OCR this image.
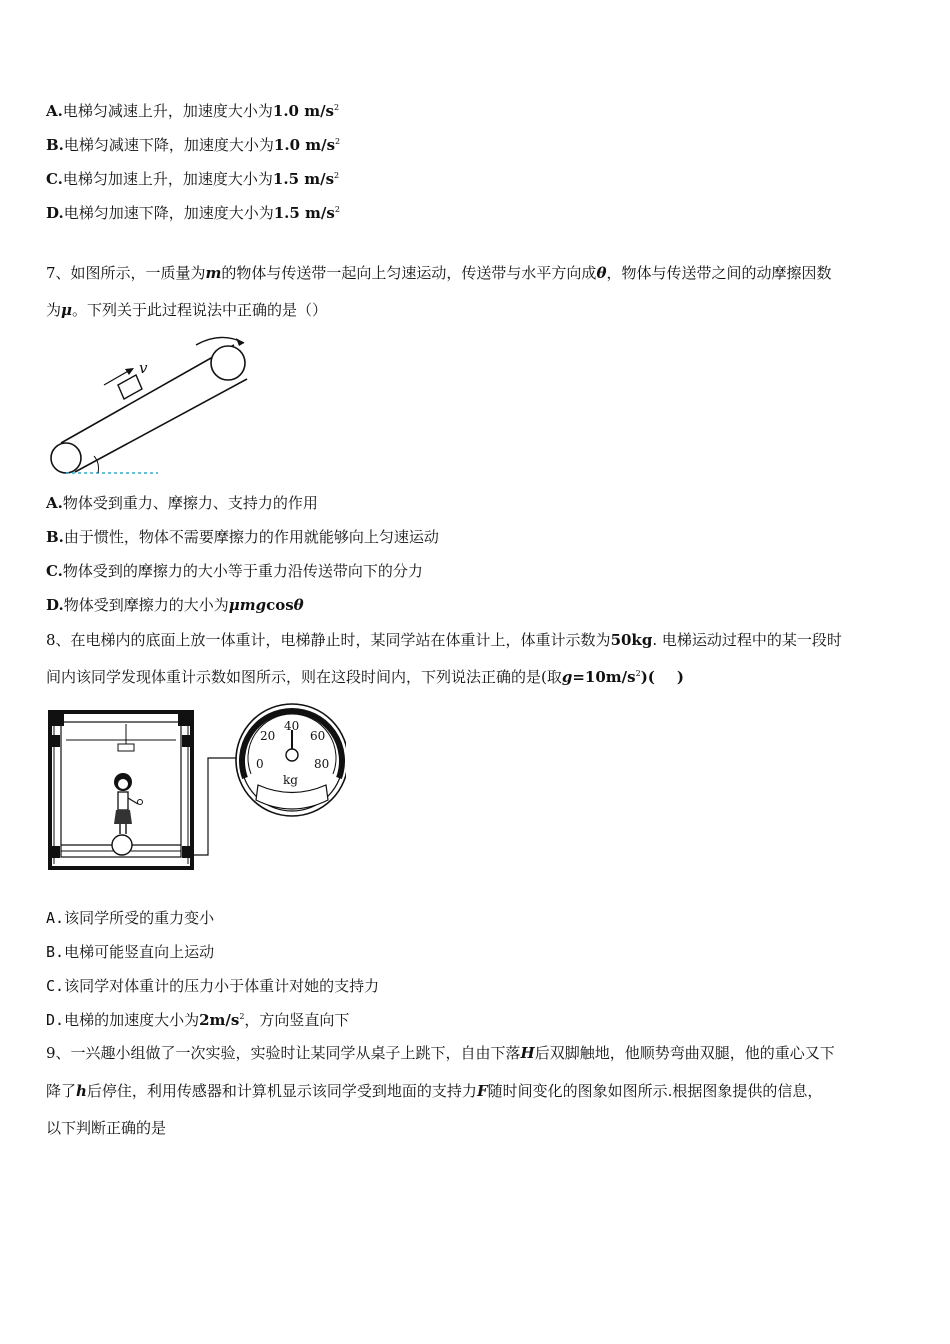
A.电梯匀减速上升，加速度大小为1.0 $m/s^2$
B.电梯匀减速下降，加速度大小为1.0 $m/s^2$
C.电梯匀加速上升，加速度大小为1.5 $m/s^2$
D.电梯匀加速下降，加速度大小为1.5 $m/s^2$
7、如图所示，一质量为m的物体与传送带一起向上匀速运动，传送带与水平方向成θ，物体与传送带之间的动摩擦因数
为μ。下列关于此过程说法中正确的是（）
v
A.物体受到重力、摩擦力、支持力的作用
B.由于惯性，物体不需要摩擦力的作用就能够向上匀速运动
C.物体受到的摩擦力的大小等于重力沿传送带向下的分力
D.物体受到摩擦力的大小为μmgcosθ
8、在电梯内的底面上放一体重计，电梯静止时，某同学站在体重计上，体重计示数为50kg. 电梯运动过程中的某一段时
间内该同学发现体重计示数如图所示，则在这段时间内，下列说法正确的是(取$g=10m/s^2$)( )
0
20
40
60
80
kg
A.该同学所受的重力变小
B.电梯可能竖直向上运动
C.该同学对体重计的压力小于体重计对她的支持力
D.电梯的加速度大小为$2m/s^2$，方向竖直向下
9、一兴趣小组做了一次实验，实验时让某同学从桌子上跳下，自由下落H后双脚触地，他顺势弯曲双腿，他的重心又下
降了h后停住，利用传感器和计算机显示该同学受到地面的支持力F随时间变化的图象如图所示.根据图象提供的信息，
以下判断正确的是
